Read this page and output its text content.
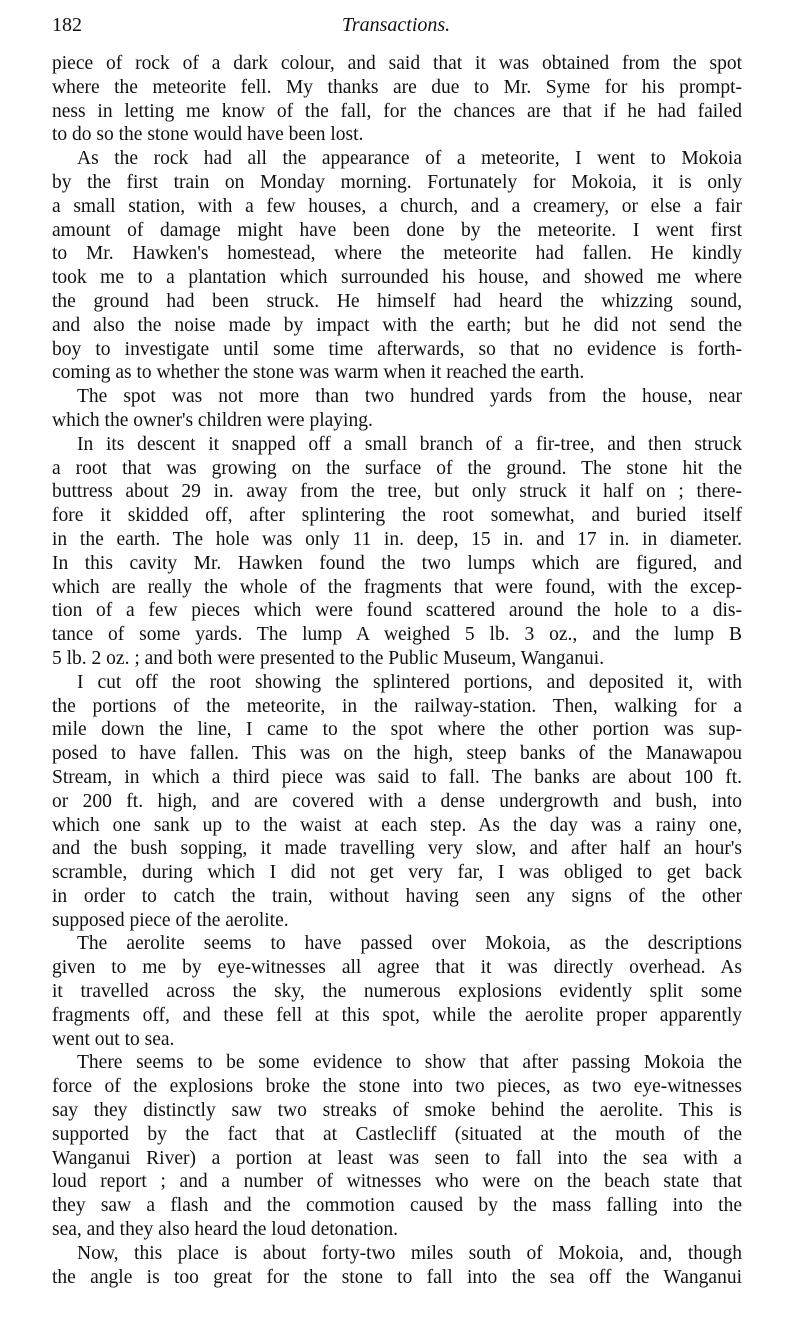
182	Transactions.
piece of rock of a dark colour, and said that it was obtained from the spot
where the meteorite fell. My thanks are due to Mr. Syme for his prompt-
ness in letting me know of the fall, for the chances are that if he had failed
to do so the stone would have been lost.
As the rock had all the appearance of a meteorite, I went to Mokoia
by the first train on Monday morning. Fortunately for Mokoia, it is only
a small station, with a few houses, a church, and a creamery, or else a fair
amount of damage might have been done by the meteorite. I went first
to Mr. Hawken's homestead, where the meteorite had fallen. He kindly
took me to a plantation which surrounded his house, and showed me where
the ground had been struck. He himself had heard the whizzing sound,
and also the noise made by impact with the earth; but he did not send the
boy to investigate until some time afterwards, so that no evidence is forth-
coming as to whether the stone was warm when it reached the earth.
The spot was not more than two hundred yards from the house, near
which the owner's children were playing.
In its descent it snapped off a small branch of a fir-tree, and then struck
a root that was growing on the surface of the ground. The stone hit the
buttress about 29 in. away from the tree, but only struck it half on ; there-
fore it skidded off, after splintering the root somewhat, and buried itself
in the earth. The hole was only 11 in. deep, 15 in. and 17 in. in diameter.
In this cavity Mr. Hawken found the two lumps which are figured, and
which are really the whole of the fragments that were found, with the excep-
tion of a few pieces which were found scattered around the hole to a dis-
tance of some yards. The lump A weighed 5 lb. 3 oz., and the lump B
5 lb. 2 oz. ; and both were presented to the Public Museum, Wanganui.
I cut off the root showing the splintered portions, and deposited it, with
the portions of the meteorite, in the railway-station. Then, walking for a
mile down the line, I came to the spot where the other portion was sup-
posed to have fallen. This was on the high, steep banks of the Manawapou
Stream, in which a third piece was said to fall. The banks are about 100 ft.
or 200 ft. high, and are covered with a dense undergrowth and bush, into
which one sank up to the waist at each step. As the day was a rainy one,
and the bush sopping, it made travelling very slow, and after half an hour's
scramble, during which I did not get very far, I was obliged to get back
in order to catch the train, without having seen any signs of the other
supposed piece of the aerolite.
The aerolite seems to have passed over Mokoia, as the descriptions
given to me by eye-witnesses all agree that it was directly overhead. As
it travelled across the sky, the numerous explosions evidently split some
fragments off, and these fell at this spot, while the aerolite proper apparently
went out to sea.
There seems to be some evidence to show that after passing Mokoia the
force of the explosions broke the stone into two pieces, as two eye-witnesses
say they distinctly saw two streaks of smoke behind the aerolite. This is
supported by the fact that at Castlecliff (situated at the mouth of the
Wanganui River) a portion at least was seen to fall into the sea with a
loud report ; and a number of witnesses who were on the beach state that
they saw a flash and the commotion caused by the mass falling into the
sea, and they also heard the loud detonation.
Now, this place is about forty-two miles south of Mokoia, and, though
the angle is too great for the stone to fall into the sea off the Wanganui
